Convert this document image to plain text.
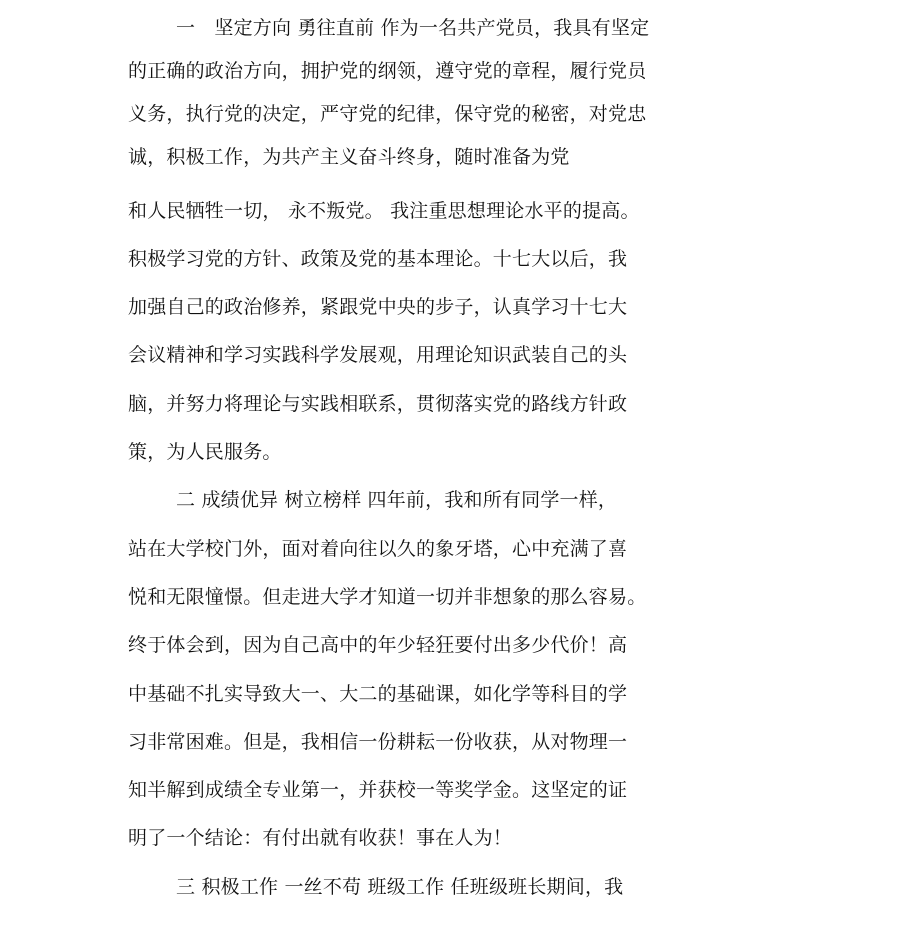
一　坚定方向 勇往直前 作为一名共产党员，我具有坚定
的正确的政治方向，拥护党的纲领，遵守党的章程，履行党员
义务，执行党的决定，严守党的纪律，保守党的秘密，对党忠
诚，积极工作，为共产主义奋斗终身，随时准备为党
和人民牺牲一切， 永不叛党。 我注重思想理论水平的提高。
积极学习党的方针、政策及党的基本理论。十七大以后，我
加强自己的政治修养，紧跟党中央的步子，认真学习十七大
会议精神和学习实践科学发展观，用理论知识武装自己的头
脑，并努力将理论与实践相联系，贯彻落实党的路线方针政
策，为人民服务。
二 成绩优异 树立榜样 四年前，我和所有同学一样，
站在大学校门外，面对着向往以久的象牙塔，心中充满了喜
悦和无限憧憬。但走进大学才知道一切并非想象的那么容易。
终于体会到，因为自己高中的年少轻狂要付出多少代价！高
中基础不扎实导致大一、大二的基础课，如化学等科目的学
习非常困难。但是，我相信一份耕耘一份收获，从对物理一
知半解到成绩全专业第一，并获校一等奖学金。这坚定的证
明了一个结论：有付出就有收获！事在人为！
三 积极工作 一丝不苟 班级工作 任班级班长期间，我
